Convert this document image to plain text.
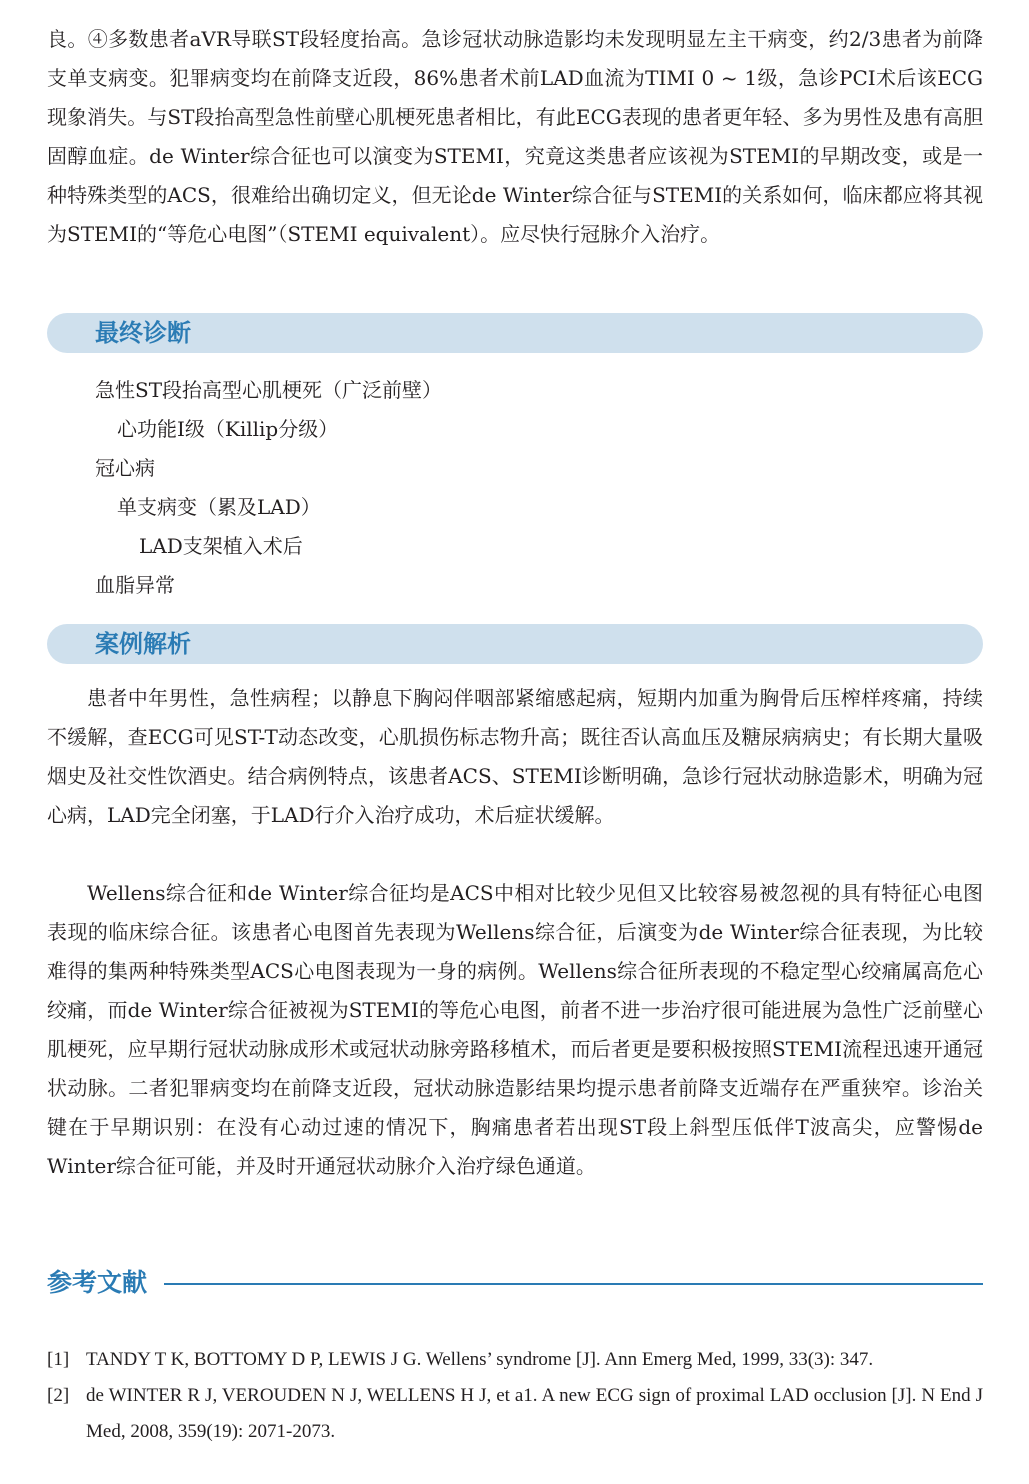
良。④多数患者aVR导联ST段轻度抬高。急诊冠状动脉造影均未发现明显左主干病变，约2/3患者为前降支单支病变。犯罪病变均在前降支近段，86%患者术前LAD血流为TIMI 0 ~ 1级，急诊PCI术后该ECG现象消失。与ST段抬高型急性前壁心肌梗死患者相比，有此ECG表现的患者更年轻、多为男性及患有高胆固醇血症。de Winter综合征也可以演变为STEMI，究竟这类患者应该视为STEMI的早期改变，或是一种特殊类型的ACS，很难给出确切定义，但无论de Winter综合征与STEMI的关系如何，临床都应将其视为STEMI的“等危心电图”（STEMI equivalent）。应尽快行冠脉介入治疗。

最终诊断

急性ST段抬高型心肌梗死（广泛前壁）

心功能Ⅰ级（Killip分级）

冠心病

单支病变（累及LAD）

LAD支架植入术后

血脂异常

案例解析

患者中年男性，急性病程；以静息下胸闷伴咽部紧缩感起病，短期内加重为胸骨后压榨样疼痛，持续不缓解，查ECG可见ST-T动态改变，心肌损伤标志物升高；既往否认高血压及糖尿病病史；有长期大量吸烟史及社交性饮酒史。结合病例特点，该患者ACS、STEMI诊断明确，急诊行冠状动脉造影术，明确为冠心病，LAD完全闭塞，于LAD行介入治疗成功，术后症状缓解。

Wellens综合征和de Winter综合征均是ACS中相对比较少见但又比较容易被忽视的具有特征心电图表现的临床综合征。该患者心电图首先表现为Wellens综合征，后演变为de Winter综合征表现，为比较难得的集两种特殊类型ACS心电图表现为一身的病例。Wellens综合征所表现的不稳定型心绞痛属高危心绞痛，而de Winter综合征被视为STEMI的等危心电图，前者不进一步治疗很可能进展为急性广泛前壁心肌梗死，应早期行冠状动脉成形术或冠状动脉旁路移植术，而后者更是要积极按照STEMI流程迅速开通冠状动脉。二者犯罪病变均在前降支近段，冠状动脉造影结果均提示患者前降支近端存在严重狭窄。诊治关键在于早期识别：在没有心动过速的情况下，胸痛患者若出现ST段上斜型压低伴T波高尖，应警惕de Winter综合征可能，并及时开通冠状动脉介入治疗绿色通道。

参考文献
[1] TANDY T K, BOTTOMY D P, LEWIS J G. Wellens’ syndrome [J]. Ann Emerg Med, 1999, 33(3): 347.
[2] de WINTER R J, VEROUDEN N J, WELLENS H J, et a1. A new ECG sign of proximal LAD occlusion [J]. N End J Med, 2008, 359(19): 2071-2073.
